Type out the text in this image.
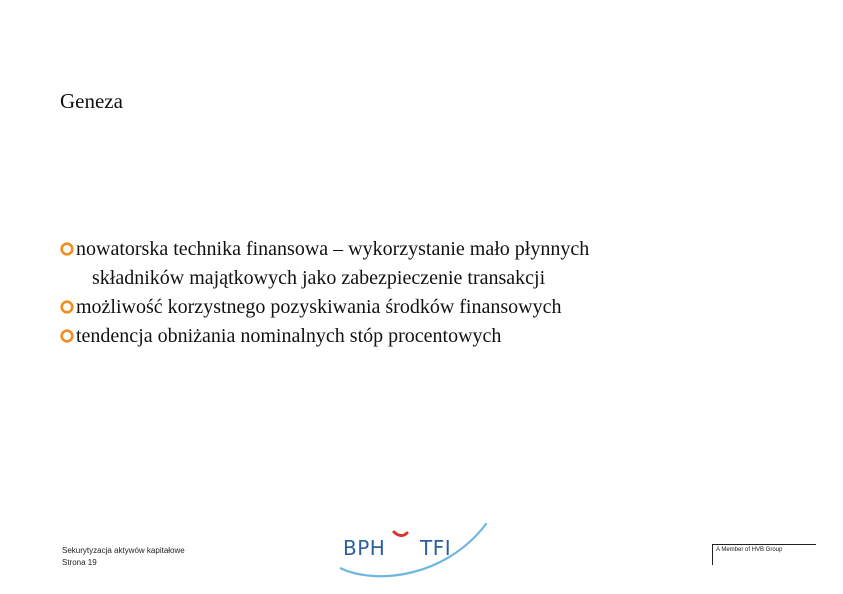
Geneza
nowatorska technika finansowa – wykorzystanie mało płynnych
składników majątkowych jako zabezpieczenie transakcji
możliwość korzystnego pozyskiwania środków finansowych
tendencja obniżania nominalnych stóp procentowych
Sekurytyzacja aktywów kapitałowe
Strona 19
BPH TFI	A Member of HVB Group
